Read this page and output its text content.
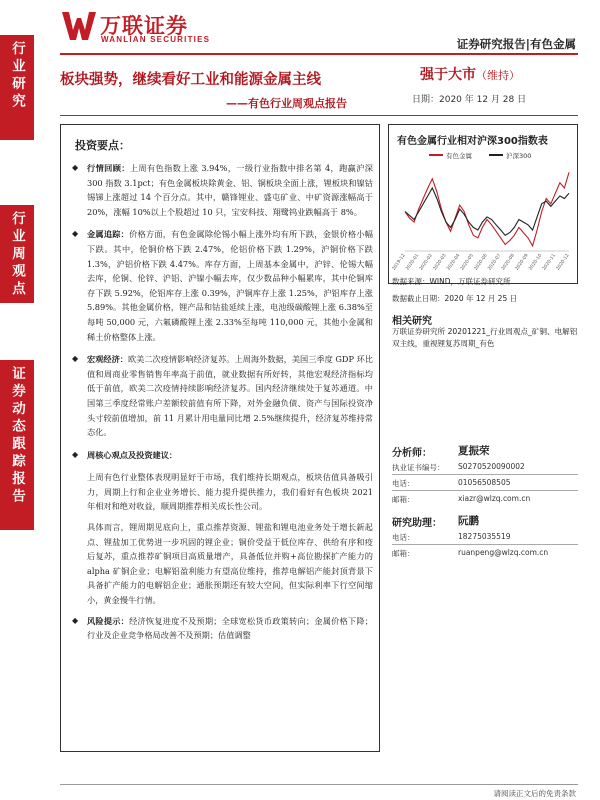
万联证券
WANLIAN SECURITIES	证券研究报告|有色金属
行业研究
行业周观点
证券动态跟踪报告
板块强势，继续看好工业和能源金属主线
——有色行业周观点报告
强于大市（维持）
日期：2020 年 12 月 28 日
投资要点：
◆ 行情回顾：上周有色指数上涨 3.94%，一级行业指数中排名第 4，跑赢沪深 300 指数 3.1pct；有色金属板块除黄金、铝、铜板块全面上涨，锂板块和镍钴锡锑上涨超过 14 个百分点。其中，赣锋锂业、盛屯矿业、中矿资源涨幅高于 20%，涨幅 10%以上个股超过 10 只，宝安科技、翔鹭钨业跌幅高于 8%。
◆ 金属追踪：价格方面，有色金属除伦锡小幅上涨外均有所下跌，金银价格小幅下跌。其中，伦铜价格下跌 2.47%，伦铝价格下跌 1.29%，沪铜价格下跌 1.3%，沪铝价格下跌 4.47%。库存方面，上周基本金属中，沪锌、伦锡大幅去库，伦铜、伦锌、沪铝、沪镍小幅去库，仅少数品种小幅累库，其中伦铜库存下跌 5.92%，伦铝库存上涨 0.39%，沪铜库存上涨 1.25%，沪铝库存上涨 5.89%。其他金属价格，锂产品和钴盐延续上涨，电池级碳酸锂上涨 6.38%至每吨 50,000 元，六氟磷酸锂上涨 2.33%至每吨 110,000 元，其他小金属和稀土价格整体上涨。
◆ 宏观经济：欧美二次疫情影响经济复苏。上周海外数据，美国三季度 GDP 环比值和周商业零售销售年率高于前值，就业数据有所好转，其他宏观经济指标均低于前值，欧美二次疫情持续影响经济复苏。国内经济继续处于复苏通道。中国第三季度经常账户差额较前值有所下降，对外金融负债、资产与国际投资净头寸较前值增加，前 11 月累计用电量同比增 2.5%继续提升，经济复苏维持常态化。
◆ 周核心观点及投资建议：
上周有色行业整体表现明显好于市场，我们维持长期观点，板块估值具备吸引力，周期上行和企业业务增长、能力提升提供推力，我们看好有色板块 2021 年相对和绝对收益，顺周期推荐相关成长性公司。
具体而言，锂周期见底向上，重点推荐资源、锂盐和锂电池业务处于增长新起点、锂盐加工优势进一步巩固的锂企业；铜价受益于低位库存、供给有序和疫后复苏，重点推荐矿铜项目高质量增产，具备低位并购+高位勘探扩产能力的 alpha 矿铜企业；电解铝盈利能力有望高位维持，推荐电解铝产能封顶背景下具备扩产能力的电解铝企业；通胀预期还有较大空间，但实际利率下行空间缩小，黄金慢牛行情。
◆ 风险提示：经济恢复进度不及预期；全球宽松货币政策转向；金属价格下降；行业及企业竞争格局改善不及预期；估值调整
有色金属行业相对沪深300指数表
有色金属	沪深300
2019-12
2020-01
2020-02
2020-03
2020-04
2020-05
2020-06
2020-07
2020-08
2020-09
2020-10
2020-11
2020-12
数据来源：WIND，万联证券研究所
数据截止日期：2020 年 12 月 25 日
相关研究
万联证券研究所 20201221_行业周观点_矿铜、电解铝双主线，重视锂复苏周期_有色
分析师： 夏振荣
执业证书编号： S0270520090002
电话：	01056508505
邮箱：	xiazr@wlzq.com.cn
研究助理： 阮鹏
电话：	18275035519
邮箱：	ruanpeng@wlzq.com.cn
请阅读正文后的免责条款
